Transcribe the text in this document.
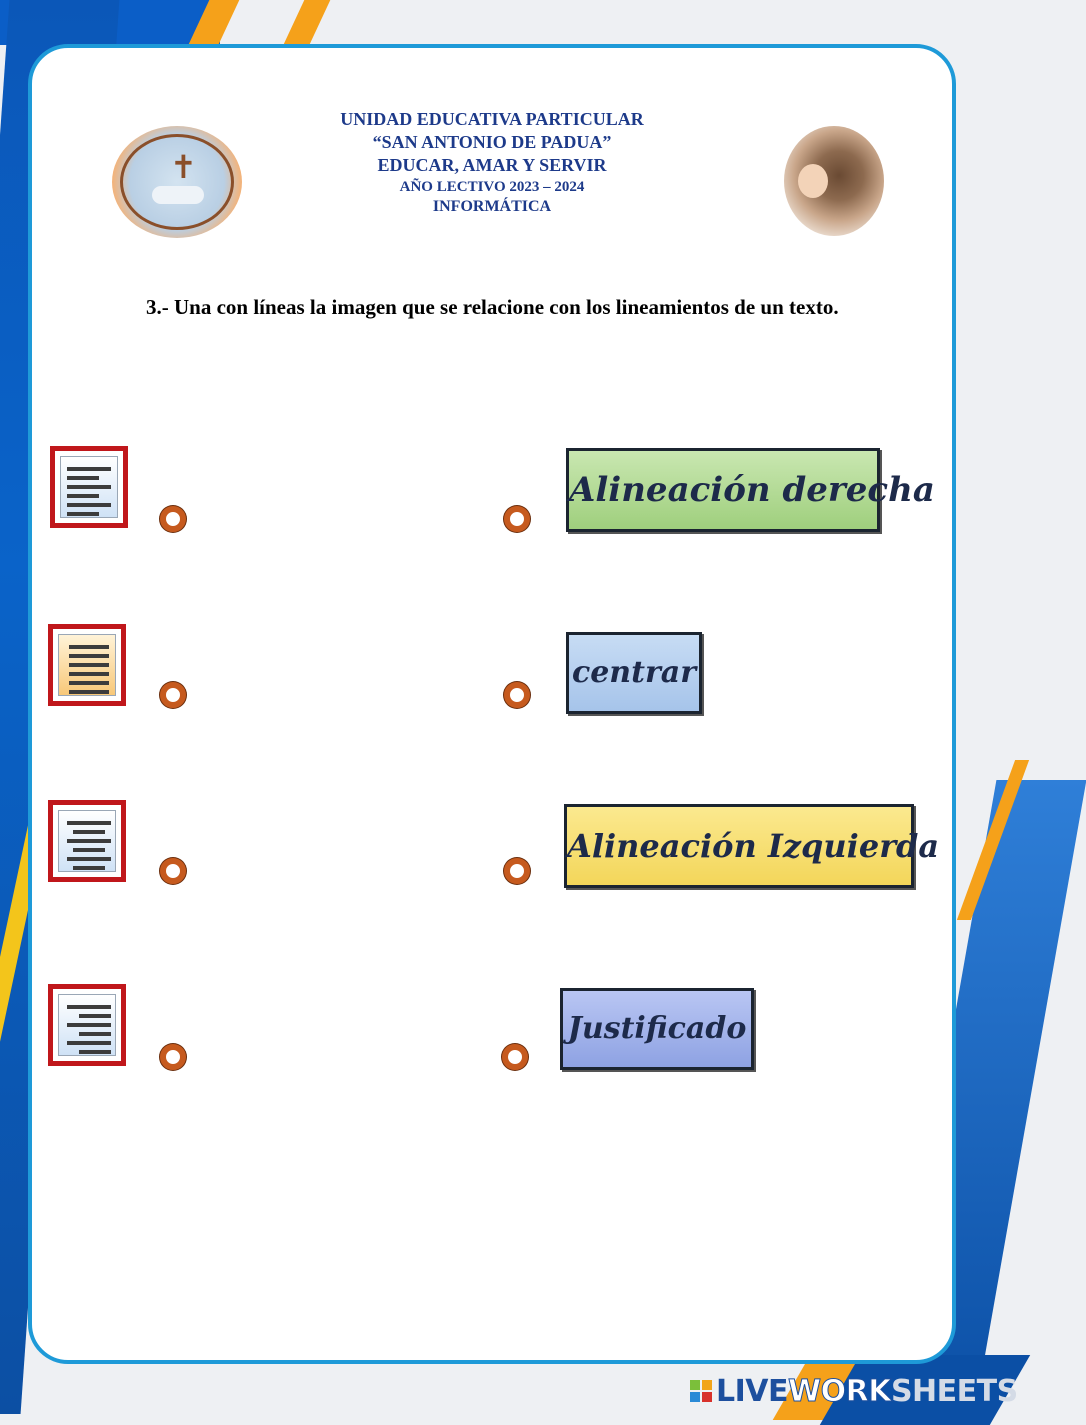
✝
UNIDAD EDUCATIVA PARTICULAR
“SAN ANTONIO DE PADUA”
EDUCAR, AMAR Y SERVIR
AÑO LECTIVO 2023 – 2024
INFORMÁTICA
3.- Una con líneas la imagen que se relacione con los lineamientos de un texto.
Alineación derecha
centrar
Alineación Izquierda
Justificado
LIVEWORKSHEETS
